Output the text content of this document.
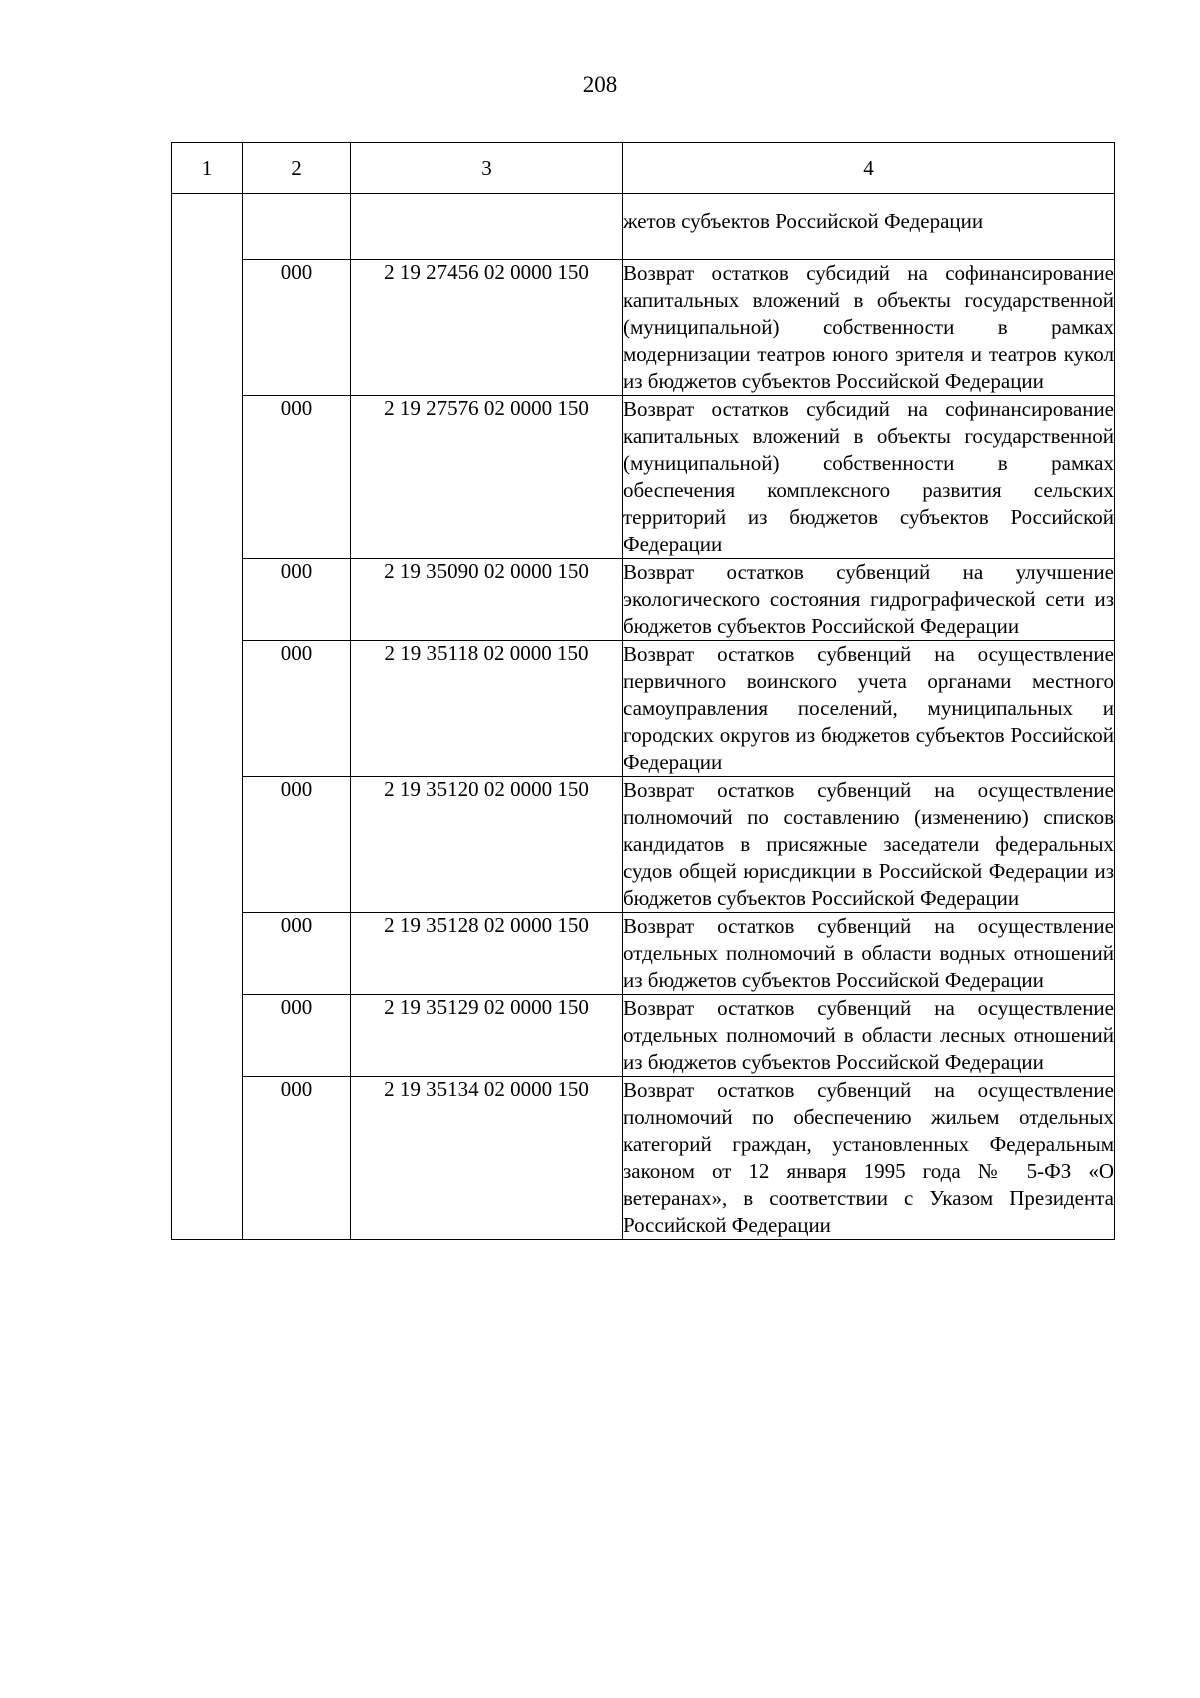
208
1	2	3	4
			жетов субъектов Российской Федерации
	000	2 19 27456 02 0000 150	Возврат остатков субсидий на софинансирование капитальных вложений в объекты государственной (муниципальной) собственности в рамках модернизации театров юного зрителя и театров кукол из бюджетов субъектов Российской Федерации
	000	2 19 27576 02 0000 150	Возврат остатков субсидий на софинансирование капитальных вложений в объекты государственной (муниципальной) собственности в рамках обеспечения комплексного развития сельских территорий из бюджетов субъектов Российской Федерации
	000	2 19 35090 02 0000 150	Возврат остатков субвенций на улучшение экологического состояния гидрографической сети из бюджетов субъектов Российской Федерации
	000	2 19 35118 02 0000 150	Возврат остатков субвенций на осуществление первичного воинского учета органами местного самоуправления поселений, муниципальных и городских округов из бюджетов субъектов Российской Федерации
	000	2 19 35120 02 0000 150	Возврат остатков субвенций на осуществление полномочий по составлению (изменению) списков кандидатов в присяжные заседатели федеральных судов общей юрисдикции в Российской Федерации из бюджетов субъектов Российской Федерации
	000	2 19 35128 02 0000 150	Возврат остатков субвенций на осуществление отдельных полномочий в области водных отношений из бюджетов субъектов Российской Федерации
	000	2 19 35129 02 0000 150	Возврат остатков субвенций на осуществление отдельных полномочий в области лесных отношений из бюджетов субъектов Российской Федерации
	000	2 19 35134 02 0000 150	Возврат остатков субвенций на осуществление полномочий по обеспечению жильем отдельных категорий граждан, установленных Федеральным законом от 12 января 1995 года № 5-ФЗ «О ветеранах», в соответствии с Указом Президента Российской Федерации
